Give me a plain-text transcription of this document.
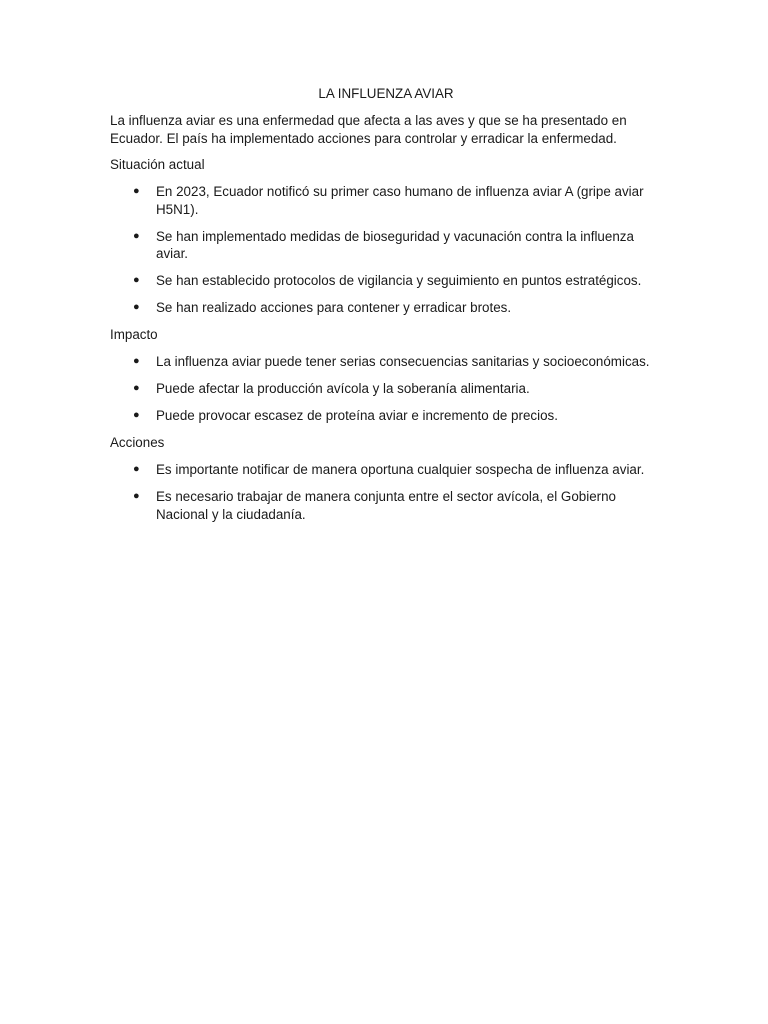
LA INFLUENZA AVIAR
La influenza aviar es una enfermedad que afecta a las aves y que se ha presentado en Ecuador. El país ha implementado acciones para controlar y erradicar la enfermedad.
Situación actual
● En 2023, Ecuador notificó su primer caso humano de influenza aviar A (gripe aviar H5N1).
● Se han implementado medidas de bioseguridad y vacunación contra la influenza aviar.
● Se han establecido protocolos de vigilancia y seguimiento en puntos estratégicos.
● Se han realizado acciones para contener y erradicar brotes.
Impacto
● La influenza aviar puede tener serias consecuencias sanitarias y socioeconómicas.
● Puede afectar la producción avícola y la soberanía alimentaria.
● Puede provocar escasez de proteína aviar e incremento de precios.
Acciones
● Es importante notificar de manera oportuna cualquier sospecha de influenza aviar.
● Es necesario trabajar de manera conjunta entre el sector avícola, el Gobierno Nacional y la ciudadanía.
